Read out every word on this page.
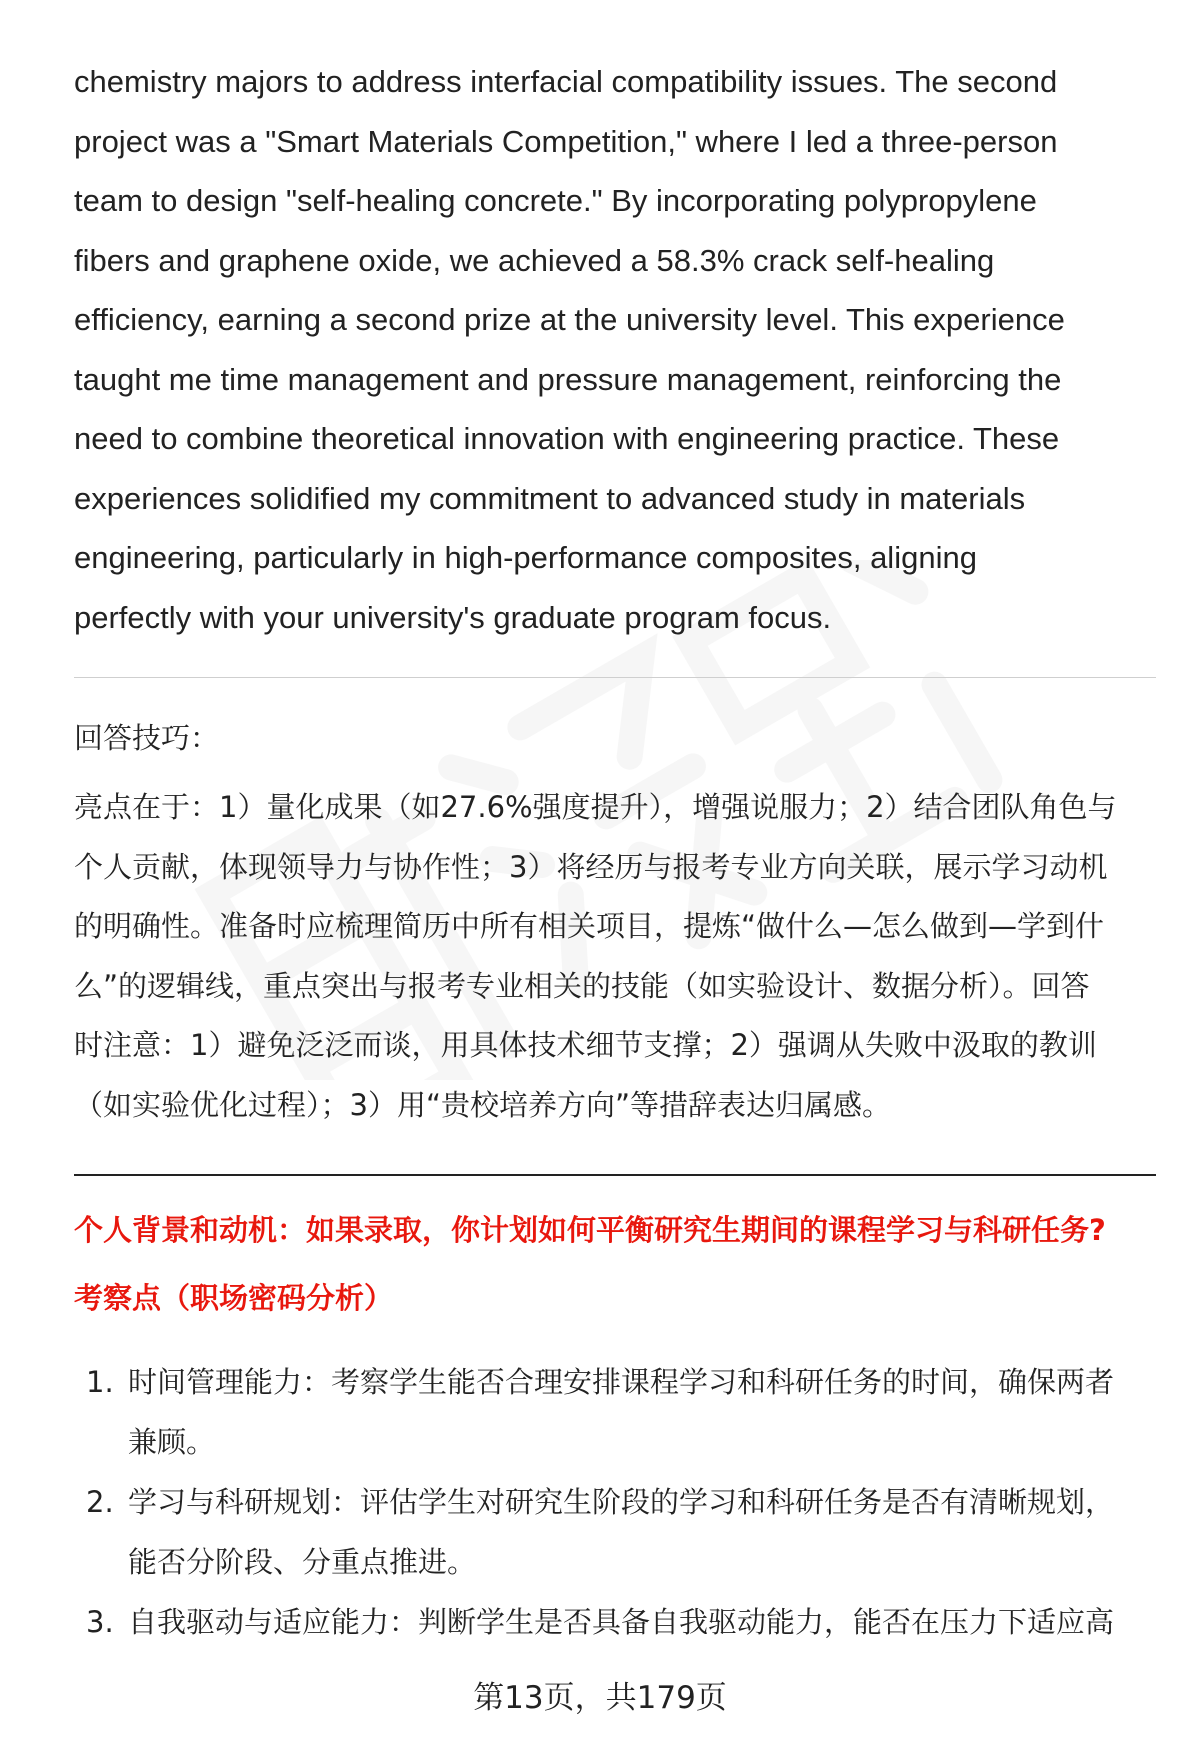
chemistry majors to address interfacial compatibility issues. The second
project was a "Smart Materials Competition," where I led a three-person
team to design "self-healing concrete." By incorporating polypropylene
fibers and graphene oxide, we achieved a 58.3% crack self-healing
efficiency, earning a second prize at the university level. This experience
taught me time management and pressure management, reinforcing the
need to combine theoretical innovation with engineering practice. These
experiences solidified my commitment to advanced study in materials
engineering, particularly in high-performance composites, aligning
perfectly with your university's graduate program focus.

回答技巧：

亮点在于：1）量化成果（如27.6%强度提升），增强说服力；2）结合团队角色与
个人贡献，体现领导力与协作性；3）将经历与报考专业方向关联，展示学习动机
的明确性。准备时应梳理简历中所有相关项目，提炼“做什么—怎么做到—学到什
么”的逻辑线，重点突出与报考专业相关的技能（如实验设计、数据分析）。回答
时注意：1）避免泛泛而谈，用具体技术细节支撑；2）强调从失败中汲取的教训
（如实验优化过程）；3）用“贵校培养方向”等措辞表达归属感。

个人背景和动机：如果录取，你计划如何平衡研究生期间的课程学习与科研任务?
考察点（职场密码分析）
1. 时间管理能力：考察学生能否合理安排课程学习和科研任务的时间，确保两者
兼顾。
2. 学习与科研规划：评估学生对研究生阶段的学习和科研任务是否有清晰规划，
能否分阶段、分重点推进。
3. 自我驱动与适应能力：判断学生是否具备自我驱动能力，能否在压力下适应高
第13页，共179页
